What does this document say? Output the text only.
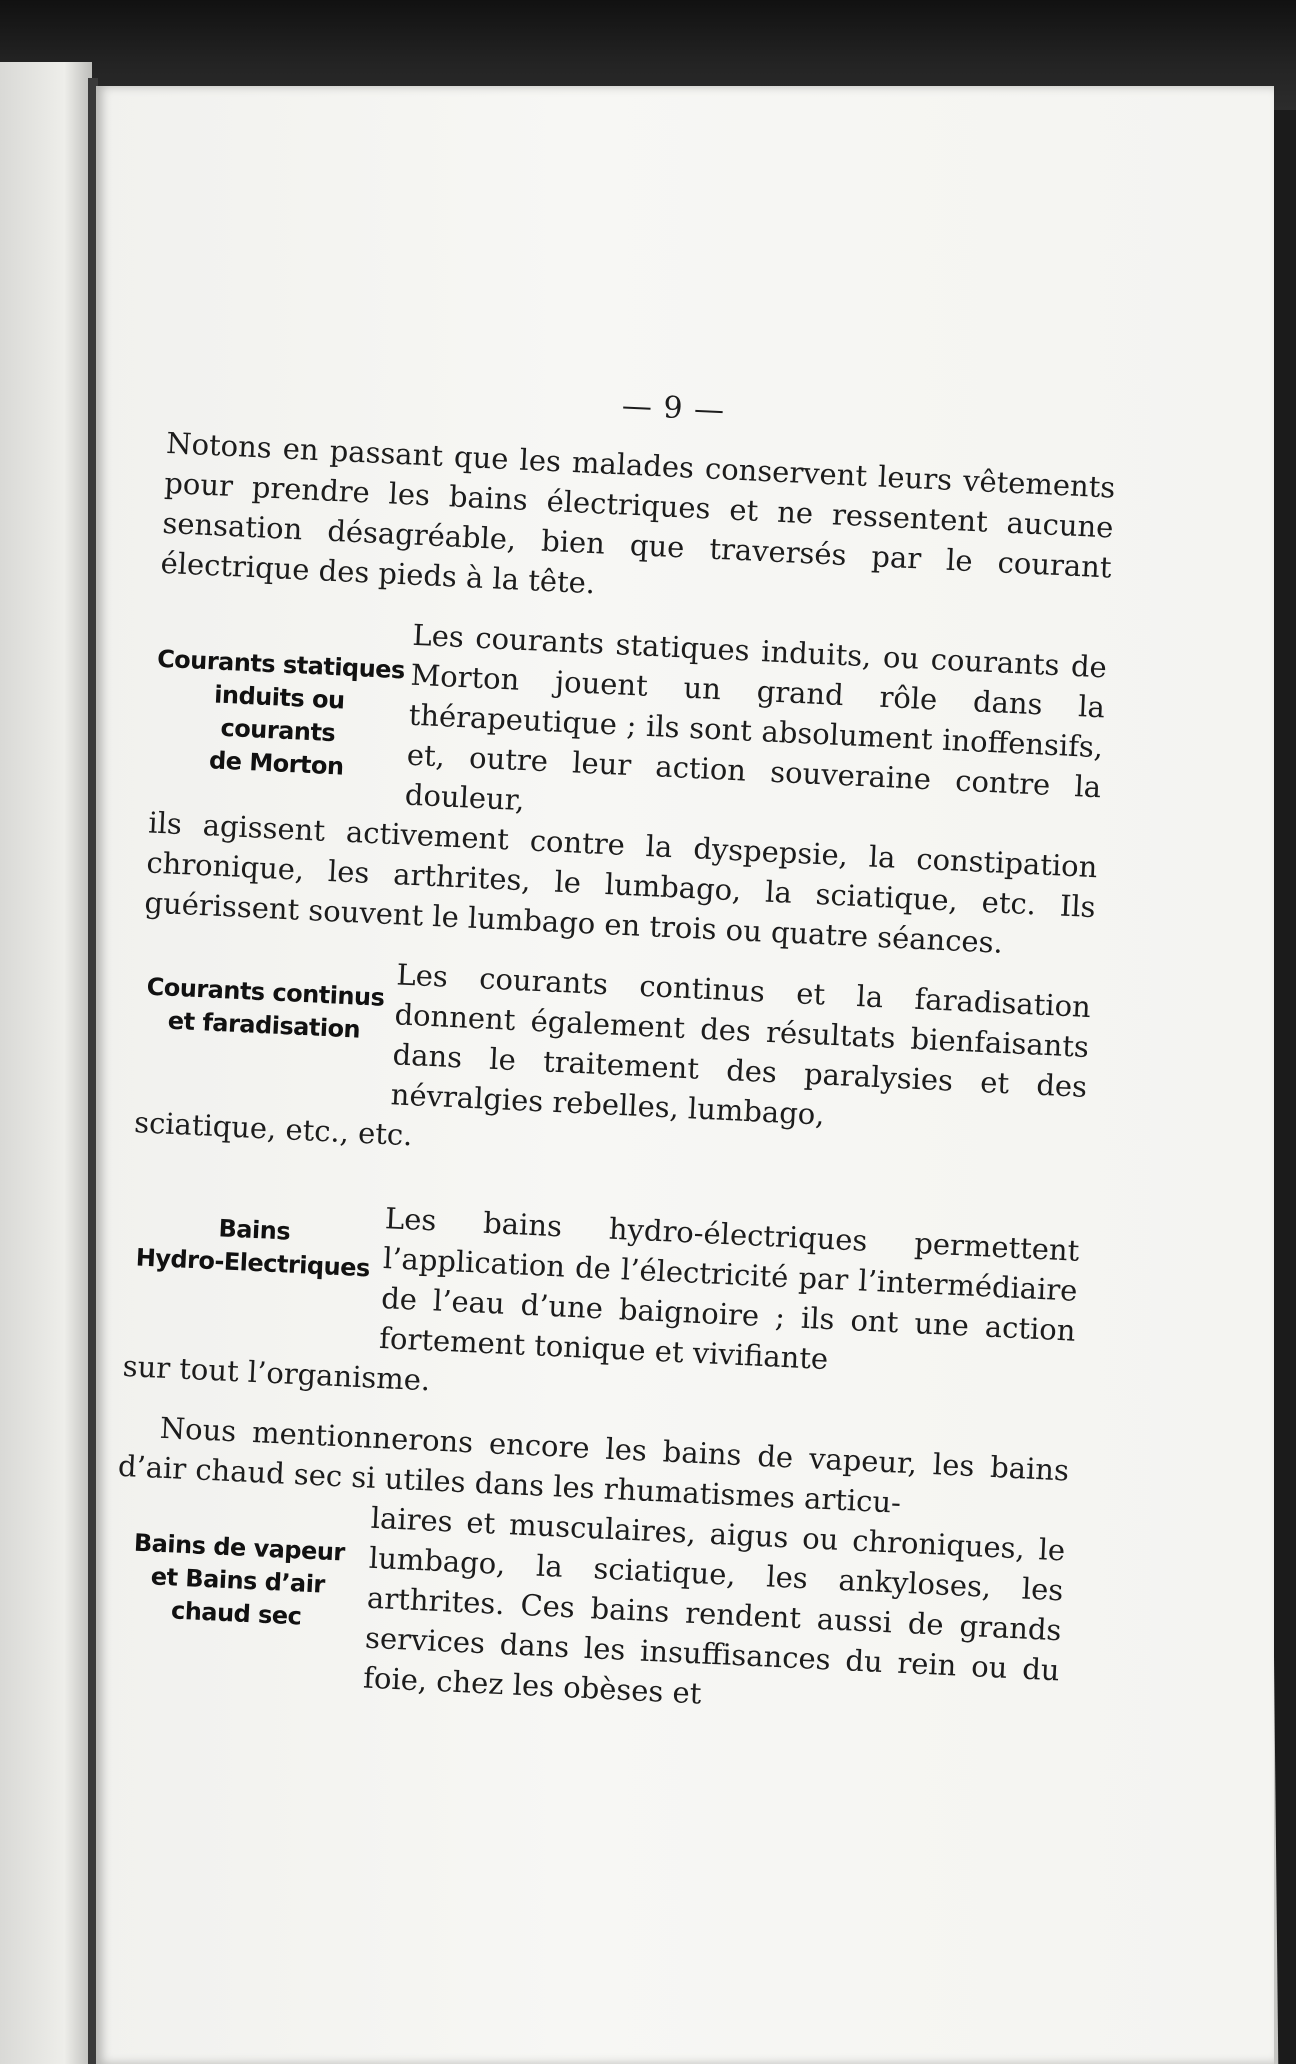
— 9 —

Notons en passant que les malades conservent leurs vêtements pour prendre les bains électriques et ne ressentent aucune sensation désagréable, bien que traversés par le courant électrique des pieds à la tête.

Courants statiques
induits ou courants
de Morton

Les courants statiques induits, ou courants de Morton jouent un grand rôle dans la thérapeutique ; ils sont absolument inoffensifs, et, outre leur action souveraine contre la douleur,

ils agissent activement contre la dyspepsie, la constipation chronique, les arthrites, le lumbago, la sciatique, etc. Ils guérissent souvent le lumbago en trois ou quatre séances.

Courants continus
et faradisation

Les courants continus et la faradisation donnent également des résultats bienfaisants dans le traitement des paralysies et des névralgies rebelles, lumbago,

sciatique, etc., etc.

Bains
Hydro-Electriques Les bains hydro-électriques permettent l’application de l’électricité par l’intermédiaire de l’eau d’une baignoire ; ils ont une action fortement tonique et vivifiante

sur tout l’organisme.

Nous mentionnerons encore les bains de vapeur, les bains d’air chaud sec si utiles dans les rhumatismes articu-

Bains de vapeur
et Bains d’air
chaud sec

laires et musculaires, aigus ou chroniques, le lumbago, la sciatique, les ankyloses, les arthrites. Ces bains rendent aussi de grands services dans les insuffisances du rein ou du foie, chez les obèses et
